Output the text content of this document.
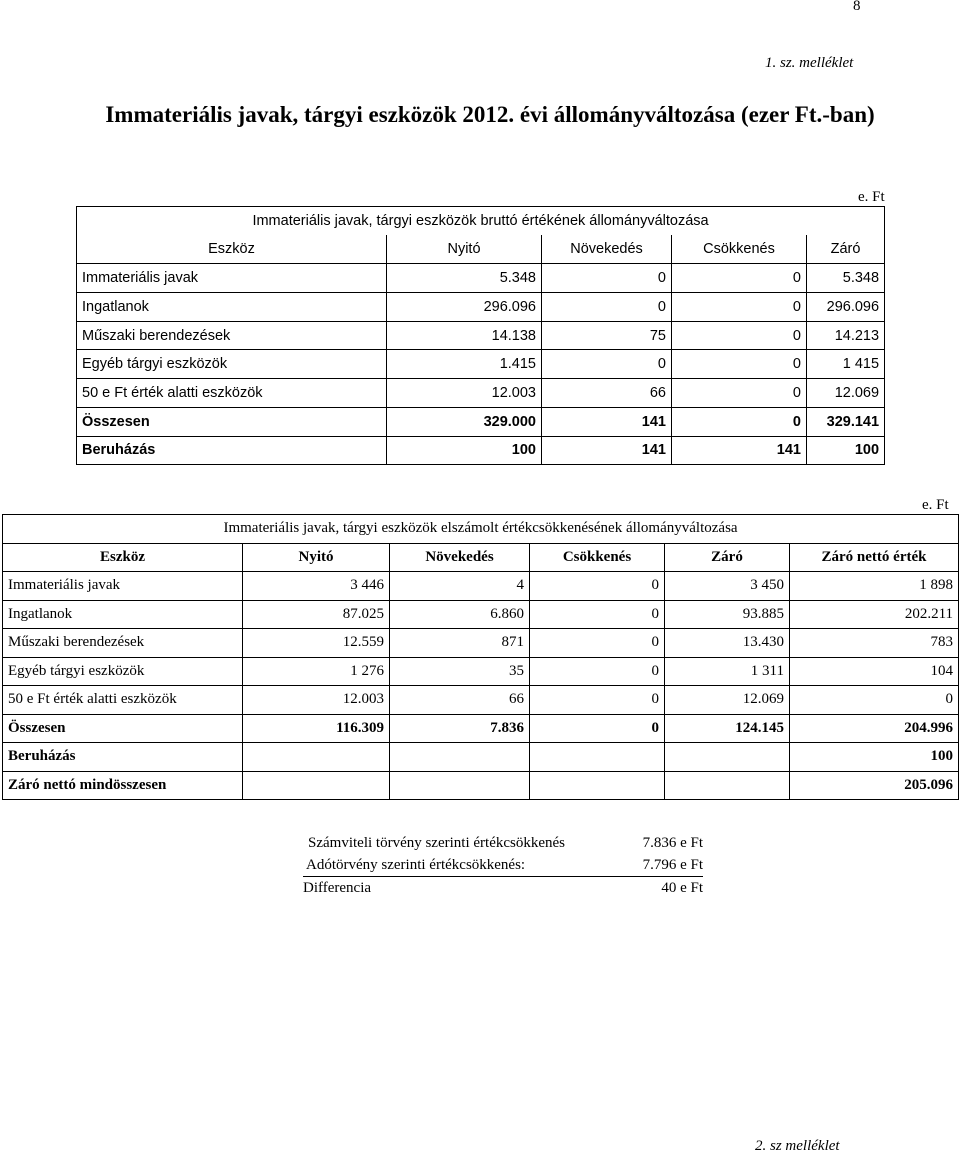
8
1. sz. melléklet
Immateriális javak, tárgyi eszközök 2012. évi állományváltozása (ezer Ft.-ban)
e. Ft
Immateriális javak, tárgyi eszközök bruttó értékének állományváltozása				
Eszköz	Nyitó	Növekedés	Csökkenés	Záró
Immateriális javak	5.348	0	0	5.348
Ingatlanok	296.096	0	0	296.096
Műszaki berendezések	14.138	75	0	14.213
Egyéb tárgyi eszközök	1.415	0	0	1 415
50 e Ft érték alatti eszközök	12.003	66	0	12.069
Összesen	329.000	141	0	329.141
Beruházás	100	141	141	100
e. Ft
Immateriális javak, tárgyi eszközök elszámolt értékcsökkenésének állományváltozása					
Eszköz	Nyitó	Növekedés	Csökkenés	Záró	Záró nettó érték
Immateriális javak	3 446	4	0	3 450	1 898
Ingatlanok	87.025	6.860	0	93.885	202.211
Műszaki berendezések	12.559	871	0	13.430	783
Egyéb tárgyi eszközök	1 276	35	0	1 311	104
50 e Ft érték alatti eszközök	12.003	66	0	12.069	0
Összesen	116.309	7.836	0	124.145	204.996
Beruházás					100
Záró nettó mindösszesen					205.096
Számviteli törvény szerinti értékcsökkenés	7.836 e Ft
Adótörvény szerinti értékcsökkenés:	7.796 e Ft
Differencia	40 e Ft
2. sz melléklet
